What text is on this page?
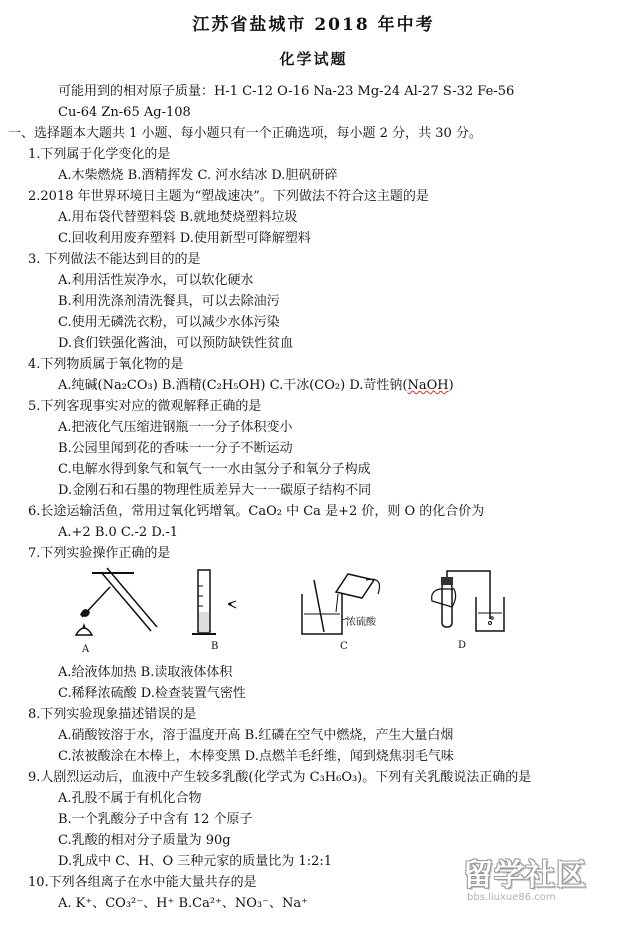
江苏省盐城市 2018 年中考
化学试题
可能用到的相对原子质量：H-1 C-12 O-16 Na-23 Mg-24 Al-27 S-32 Fe-56
Cu-64 Zn-65 Ag-108
一、选择题本大题共 1 小题、每小题只有一个正确选项，每小题 2 分，共 30 分。
1.下列属于化学变化的是
A.木柴燃烧 B.酒精挥发 C. 河水结冰 D.胆矾研碎
2.2018 年世界环境日主题为“塑战速决”。下列做法不符合这主题的是
A.用布袋代替塑料袋 B.就地焚烧塑料垃圾
C.回收利用废弃塑料 D.使用新型可降解塑料
3. 下列做法不能达到目的的是
A.利用活性炭净水，可以软化硬水
B.利用洗涤剂清洗餐具，可以去除油污
C.使用无磷洗衣粉，可以减少水体污染
D.食们铁强化酱油，可以预防缺铁性贫血
4.下列物质属于氧化物的是
A.纯碱(Na₂CO₃) B.酒精(C₂H₅OH) C.干冰(CO₂) D.苛性钠(NaOH)
5.下列客现事实对应的微观解释正确的是
A.把液化气压缩进钢瓶一一分子体积变小
B.公园里闻到花的香味一一分子不断运动
C.电解水得到象气和氧气一一水由氢分子和氧分子构成
D.金刚石和石墨的物理性质差异大一一碳原子结构不同
6.长途运输活鱼，常用过氧化钙增氧。CaO₂ 中 Ca 是+2 价，则 O 的化合价为
A.+2 B.0 C.-2 D.-1
7.下列实验操作正确的是
A	B
浓硫酸
C	D
A.给液体加热 B.读取液体体积
C.稀释浓硫酸 D.检查装置气密性
8.下列实验现象描述错误的是
A.硝酸铵溶于水，溶于温度开高 B.红磷在空气中燃烧，产生大量白烟
C.浓被酸涂在木棒上，木棒变黑 D.点燃羊毛纤维，闻到烧焦羽毛气味
9.人剧烈运动后，血液中产生较多乳酸(化学式为 C₃H₆O₃)。下列有关乳酸说法正确的是
A.孔股不属于有机化合物
B.一个乳酸分子中含有 12 个原子
C.乳酸的相对分子质量为 90g
D.乳成中 C、H、O 三种元家的质量比为 1:2:1
10.下列各组离子在水中能大量共存的是
A. K⁺、CO₃²⁻、H⁺ B.Ca²⁺、NO₃⁻、Na⁺
留学社区
bbs.liuxue86.com
